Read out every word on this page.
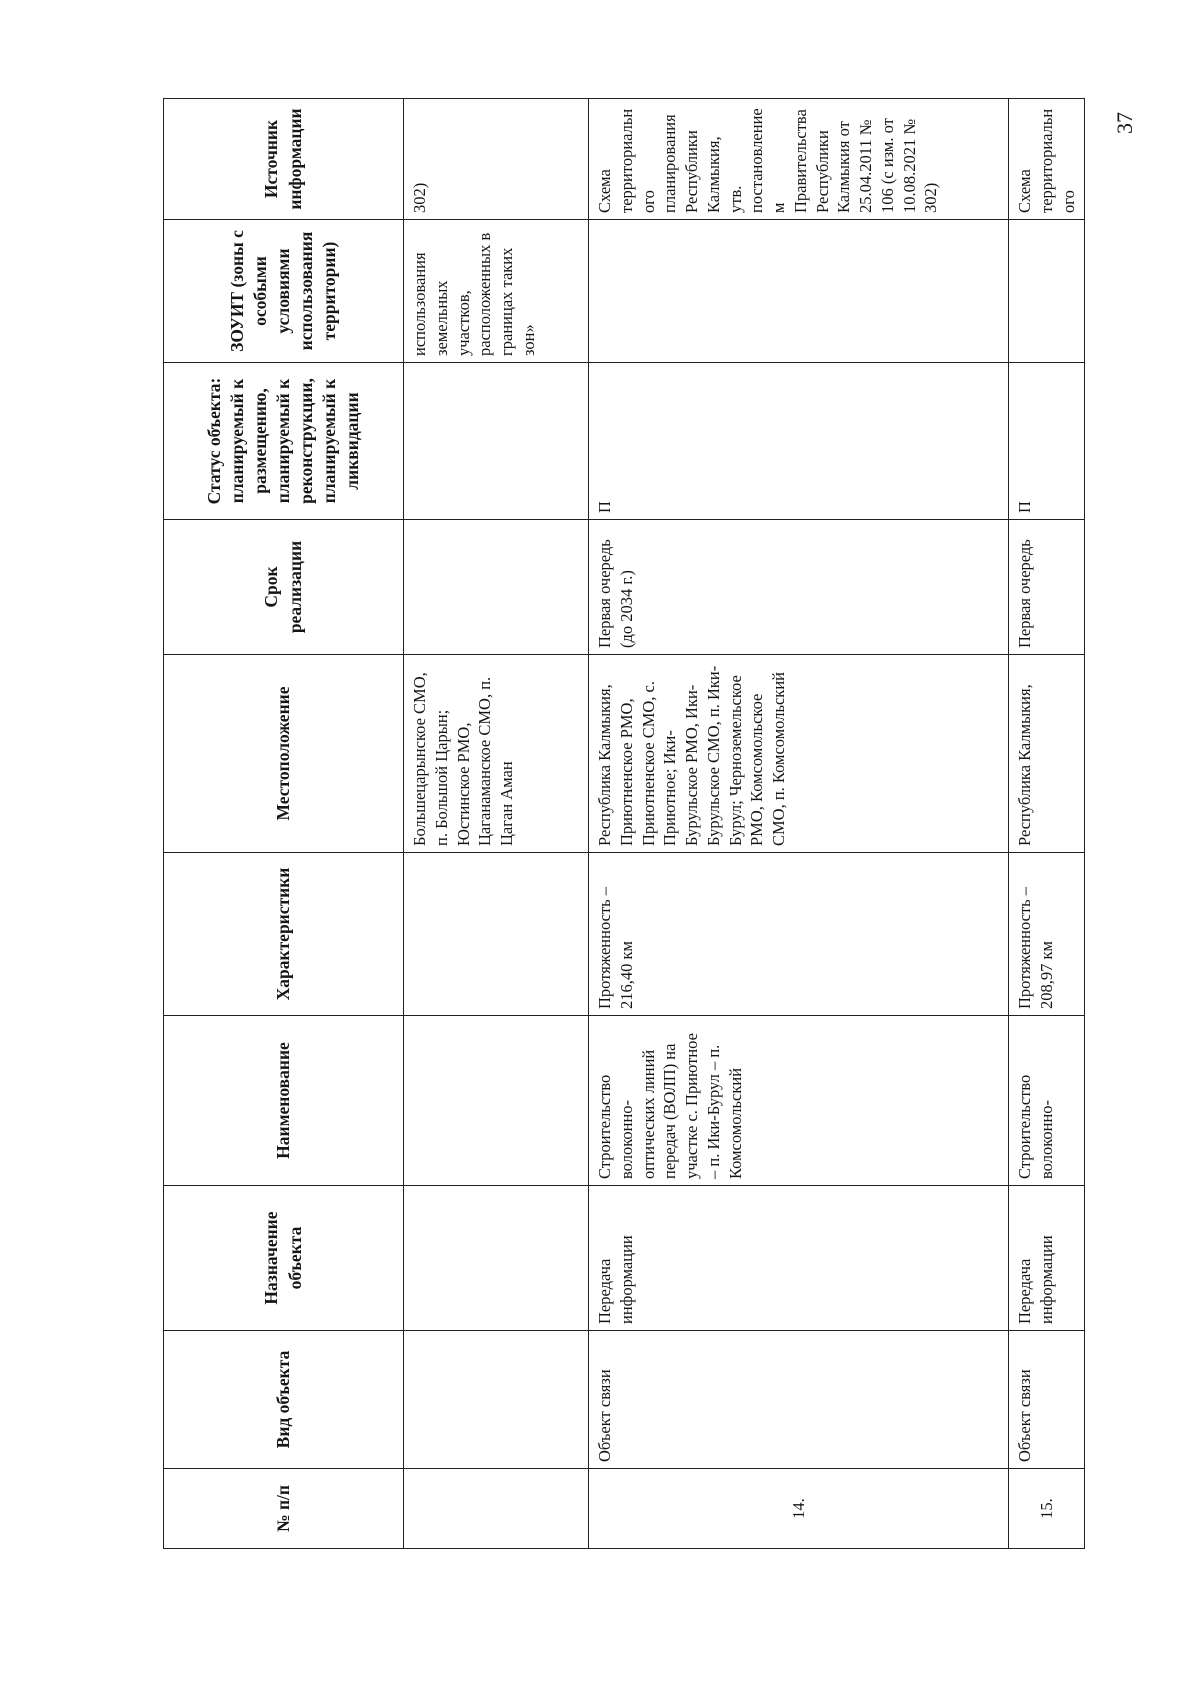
37
№ п/п	Вид объекта	Назначение объекта	Наименование	Характеристики	Местоположение	Срок реализации	Статус объекта: планируемый к размещению, планируемый к реконструкции, планируемый к ликвидации	ЗОУИТ (зоны с особыми условиями использования территории)	Источник информации
					Большецарынское СМО, п. Большой Царын; Юстинское РМО, Цаганаманское СМО, п. Цаган Аман			использования земельных участков, расположенных в границах таких зон»	302)
14.	Объект связи	Передача информации	Строительство волоконно-оптических линий передач (ВОЛП) на участке с. Приютное – п. Ики-Бурул – п. Комсомольский	Протяженность – 216,40 км	Республика Калмыкия, Приютненское РМО, Приютненское СМО, с. Приютное; Ики-Бурульское РМО, Ики-Бурульское СМО, п. Ики-Бурул; Черноземельское РМО, Комсомольское СМО, п. Комсомольский	Первая очередь (до 2034 г.)	П		Схема территориального планирования Республики Калмыкия, утв. постановлением Правительства Республики Калмыкия от 25.04.2011 № 106 (с изм. от 10.08.2021 № 302)
15.	Объект связи	Передача информации	Строительство волоконно-	Протяженность – 208,97 км	Республика Калмыкия,	Первая очередь	П		Схема территориального
